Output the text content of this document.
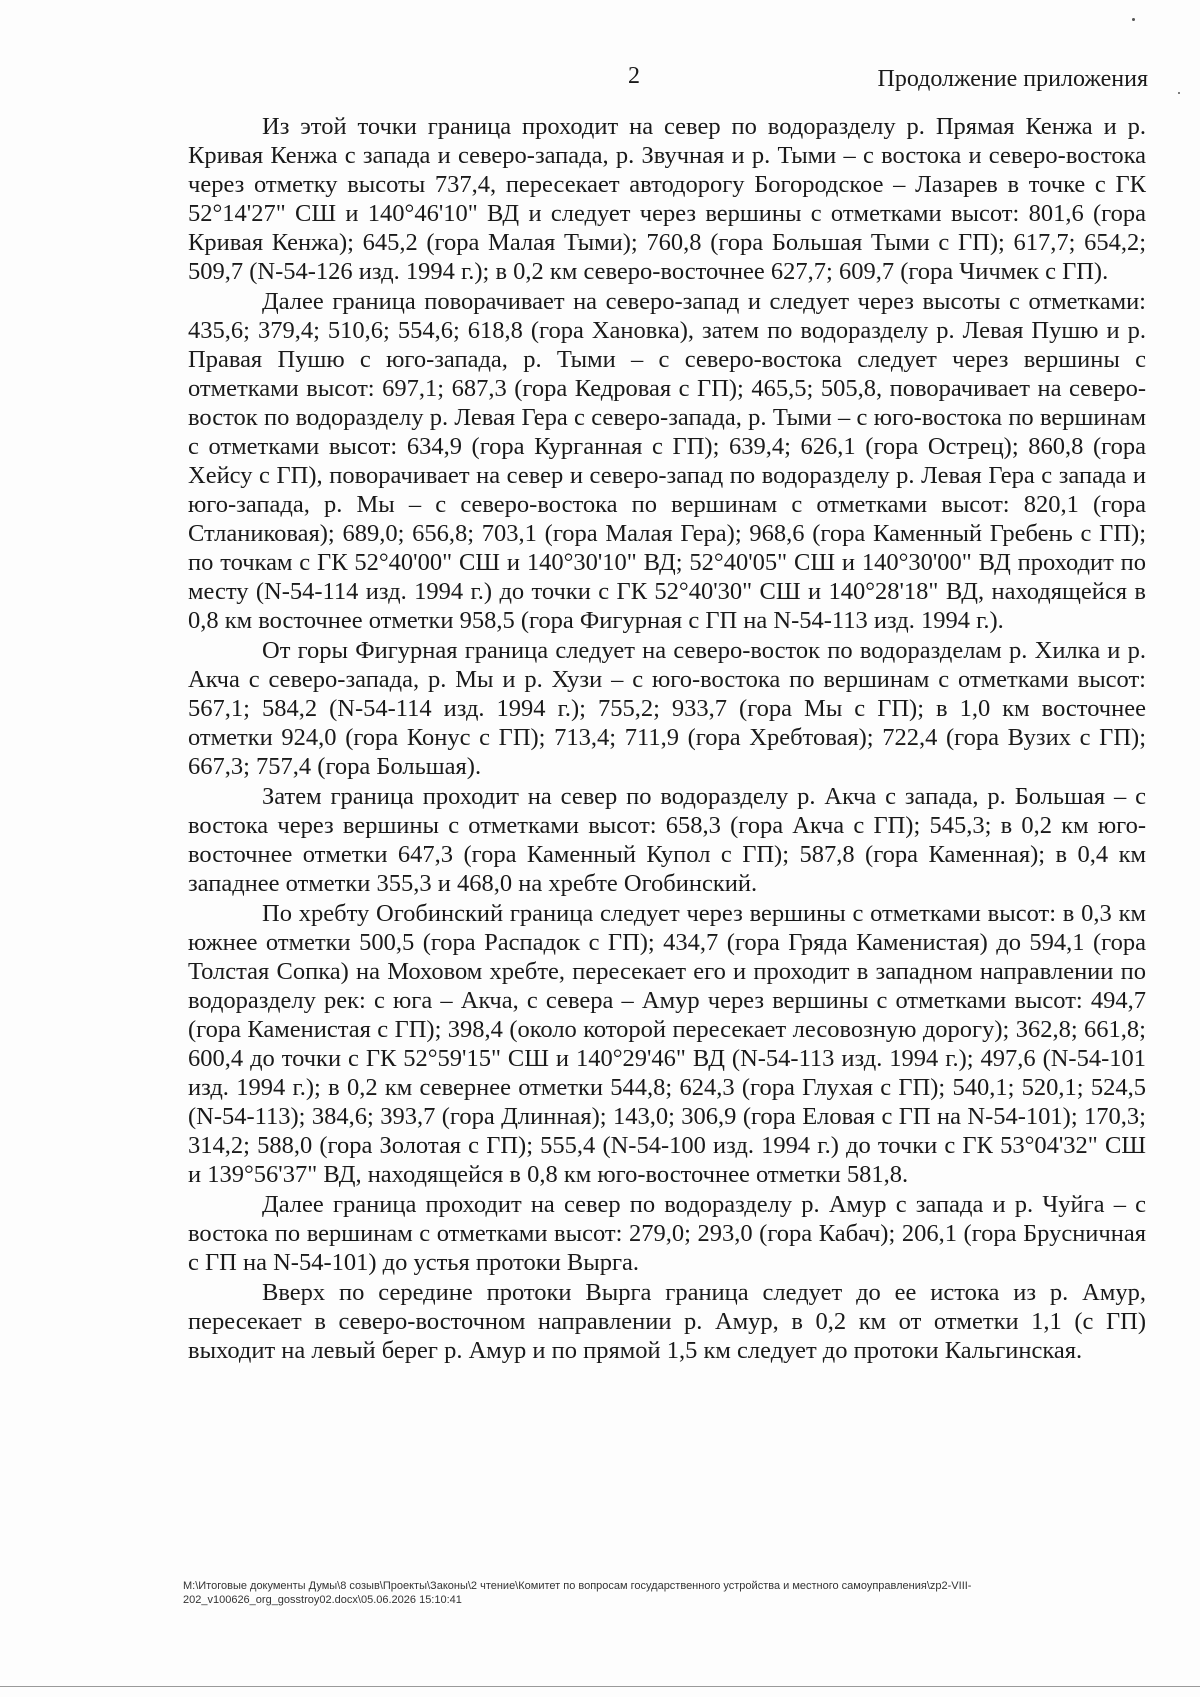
2	Продолжение приложения

Из этой точки граница проходит на север по водоразделу р. Прямая Кенжа и р. Кривая Кенжа с запада и северо-запада, р. Звучная и р. Тыми – с востока и северо-востока через отметку высоты 737,4, пересекает автодорогу Богородское – Лазарев в точке с ГК 52°14'27" СШ и 140°46'10" ВД и следует через вершины с отметками высот: 801,6 (гора Кривая Кенжа); 645,2 (гора Малая Тыми); 760,8 (гора Большая Тыми с ГП); 617,7; 654,2; 509,7 (N-54-126 изд. 1994 г.); в 0,2 км северо-восточнее 627,7; 609,7 (гора Чичмек с ГП).

Далее граница поворачивает на северо-запад и следует через высоты с отметками: 435,6; 379,4; 510,6; 554,6; 618,8 (гора Хановка), затем по водоразделу р. Левая Пушю и р. Правая Пушю с юго-запада, р. Тыми – с северо-востока следует через вершины с отметками высот: 697,1; 687,3 (гора Кедровая с ГП); 465,5; 505,8, поворачивает на северо-восток по водоразделу р. Левая Гера с северо-запада, р. Тыми – с юго-востока по вершинам с отметками высот: 634,9 (гора Курганная с ГП); 639,4; 626,1 (гора Острец); 860,8 (гора Хейсу с ГП), поворачивает на север и северо-запад по водоразделу р. Левая Гера с запада и юго-запада, р. Мы – с северо-востока по вершинам с отметками высот: 820,1 (гора Стланиковая); 689,0; 656,8; 703,1 (гора Малая Гера); 968,6 (гора Каменный Гребень с ГП); по точкам с ГК 52°40'00" СШ и 140°30'10" ВД; 52°40'05" СШ и 140°30'00" ВД проходит по месту (N-54-114 изд. 1994 г.) до точки с ГК 52°40'30" СШ и 140°28'18" ВД, находящейся в 0,8 км восточнее отметки 958,5 (гора Фигурная с ГП на N-54-113 изд. 1994 г.).

От горы Фигурная граница следует на северо-восток по водоразделам р. Хилка и р. Акча с северо-запада, р. Мы и р. Хузи – с юго-востока по вершинам с отметками высот: 567,1; 584,2 (N-54-114 изд. 1994 г.); 755,2; 933,7 (гора Мы с ГП); в 1,0 км восточнее отметки 924,0 (гора Конус с ГП); 713,4; 711,9 (гора Хребтовая); 722,4 (гора Вузих с ГП); 667,3; 757,4 (гора Большая).

Затем граница проходит на север по водоразделу р. Акча с запада, р. Большая – с востока через вершины с отметками высот: 658,3 (гора Акча с ГП); 545,3; в 0,2 км юго-восточнее отметки 647,3 (гора Каменный Купол с ГП); 587,8 (гора Каменная); в 0,4 км западнее отметки 355,3 и 468,0 на хребте Огобинский.

По хребту Огобинский граница следует через вершины с отметками высот: в 0,3 км южнее отметки 500,5 (гора Распадок с ГП); 434,7 (гора Гряда Каменистая) до 594,1 (гора Толстая Сопка) на Моховом хребте, пересекает его и проходит в западном направлении по водоразделу рек: с юга – Акча, с севера – Амур через вершины с отметками высот: 494,7 (гора Каменистая с ГП); 398,4 (около которой пересекает лесовозную дорогу); 362,8; 661,8; 600,4 до точки с ГК 52°59'15" СШ и 140°29'46" ВД (N-54-113 изд. 1994 г.); 497,6 (N-54-101 изд. 1994 г.); в 0,2 км севернее отметки 544,8; 624,3 (гора Глухая с ГП); 540,1; 520,1; 524,5 (N-54-113); 384,6; 393,7 (гора Длинная); 143,0; 306,9 (гора Еловая с ГП на N-54-101); 170,3; 314,2; 588,0 (гора Золотая с ГП); 555,4 (N-54-100 изд. 1994 г.) до точки с ГК 53°04'32" СШ и 139°56'37" ВД, находящейся в 0,8 км юго-восточнее отметки 581,8.

Далее граница проходит на север по водоразделу р. Амур с запада и р. Чуйга – с востока по вершинам с отметками высот: 279,0; 293,0 (гора Кабач); 206,1 (гора Брусничная с ГП на N-54-101) до устья протоки Вырга.

Вверх по середине протоки Вырга граница следует до ее истока из р. Амур, пересекает в северо-восточном направлении р. Амур, в 0,2 км от отметки 1,1 (с ГП) выходит на левый берег р. Амур и по прямой 1,5 км следует до протоки Кальгинская.

M:\Итоговые документы Думы\8 созыв\Проекты\Законы\2 чтение\Комитет по вопросам государственного устройства и местного самоуправления\zp2-VIII-202_v100626_org_gosstroy02.docx\05.06.2026 15:10:41
